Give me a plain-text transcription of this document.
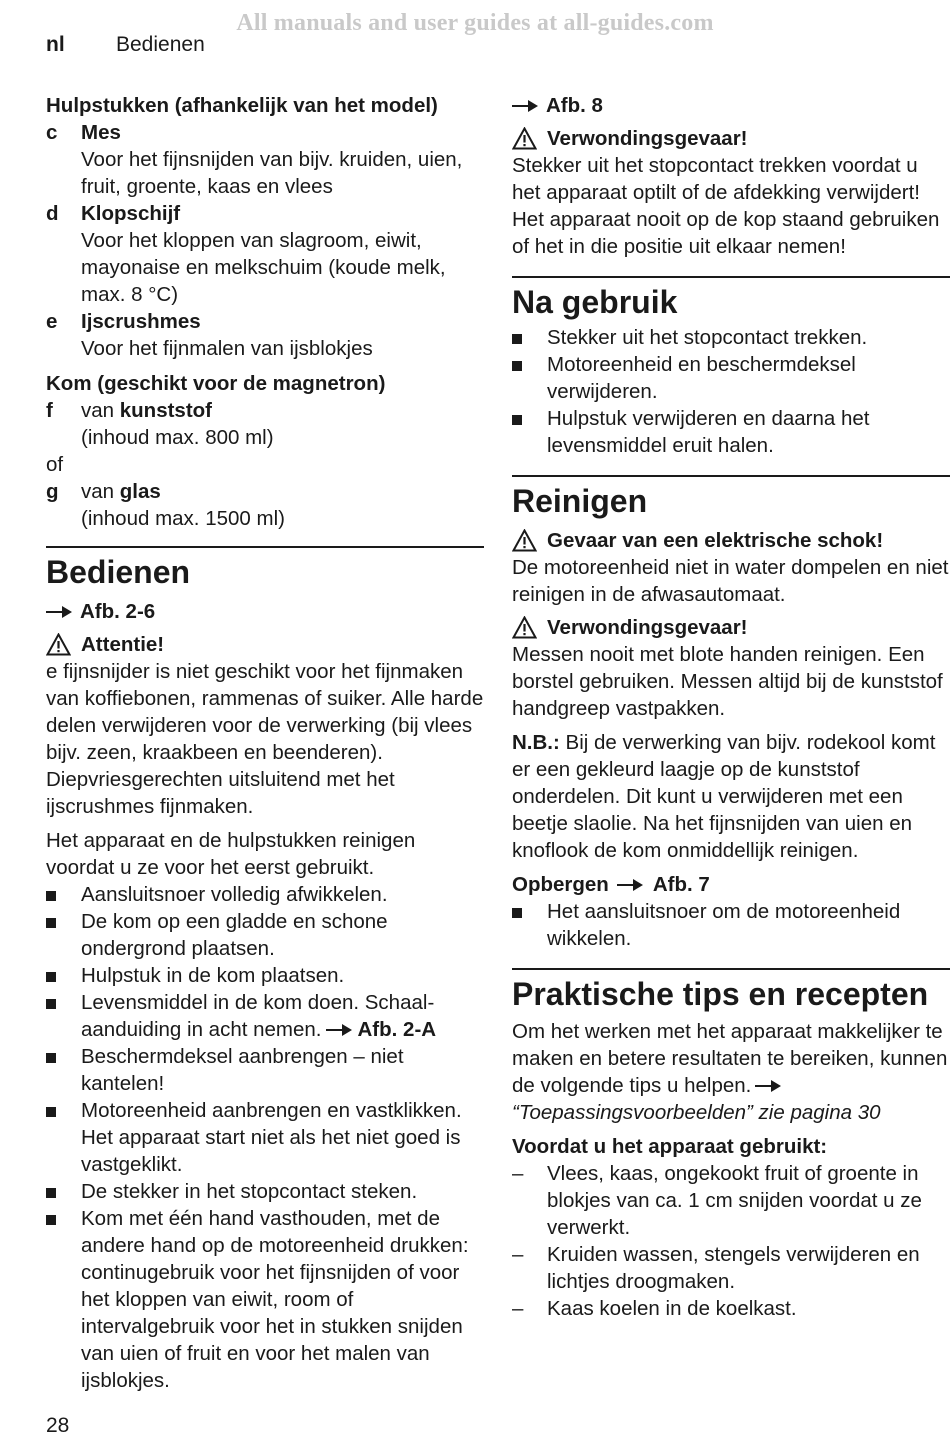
All manuals and user guides at all-guides.com
nl Bedienen

Hulpstukken (afhankelijk van het model)

c	Mes
Voor het fijnsnijden van bijv. kruiden, uien, fruit, groente, kaas en vlees
d	Klopschijf
Voor het kloppen van slagroom, eiwit, mayonaise en melkschuim (koude melk, max. 8 °C)
e	Ijscrushmes
Voor het fijnmalen van ijsblokjes

Kom (geschikt voor de magnetron)

f	van kunststof
(inhoud max. 800 ml)

of

g	van glas
(inhoud max. 1500 ml)
Bedienen
Afb. 2-6
Attentie!

e fijnsnijder is niet geschikt voor het fijnmaken van koffiebonen, rammenas of suiker. Alle harde delen verwijderen voor de verwerking (bij vlees bijv. zeen, kraakbeen en beenderen). Diepvriesgerechten uitsluitend met het ijscrushmes fijnmaken.

Het apparaat en de hulpstukken reinigen voordat u ze voor het eerst gebruikt.

Aansluitsnoer volledig afwikkelen.
De kom op een gladde en schone ondergrond plaatsen.
Hulpstuk in de kom plaatsen.
Levensmiddel in de kom doen. Schaal-aanduiding in acht nemen. Afb. 2-A
Beschermdeksel aanbrengen – niet kantelen!
Motoreenheid aanbrengen en vastklikken. Het apparaat start niet als het niet goed is vastgeklikt.
De stekker in het stopcontact steken.
Kom met één hand vasthouden, met de andere hand op de motoreenheid drukken: continugebruik voor het fijnsnijden of voor het kloppen van eiwit, room of intervalgebruik voor het in stukken snijden van uien of fruit en voor het malen van ijsblokjes.
Afb. 8
Verwondingsgevaar!

Stekker uit het stopcontact trekken voordat u het apparaat optilt of de afdekking verwijdert! Het apparaat nooit op de kop staand gebruiken of het in die positie uit elkaar nemen!

Na gebruik
Stekker uit het stopcontact trekken.
Motoreenheid en beschermdeksel verwijderen.
Hulpstuk verwijderen en daarna het levensmiddel eruit halen.
Reinigen
Gevaar van een elektrische schok!

De motoreenheid niet in water dompelen en niet reinigen in de afwasautomaat.

Verwondingsgevaar!

Messen nooit met blote handen reinigen. Een borstel gebruiken. Messen altijd bij de kunststof handgreep vastpakken.

N.B.: Bij de verwerking van bijv. rodekool komt er een gekleurd laagje op de kunststof onderdelen. Dit kunt u verwijderen met een beetje slaolie. Na het fijnsnijden van uien en knoflook de kom onmiddellijk reinigen.

Opbergen Afb. 7
Het aansluitsnoer om de motoreenheid wikkelen.
Praktische tips en recepten

Om het werken met het apparaat makkelijker te maken en betere resultaten te bereiken, kunnen de volgende tips u helpen.“Toepassingsvoorbeelden” zie pagina 30

Voordat u het apparaat gebruikt:

–	Vlees, kaas, ongekookt fruit of groente in blokjes van ca. 1 cm snijden voordat u ze verwerkt.
–	Kruiden wassen, stengels verwijderen en lichtjes droogmaken.
–	Kaas koelen in de koelkast.
28
